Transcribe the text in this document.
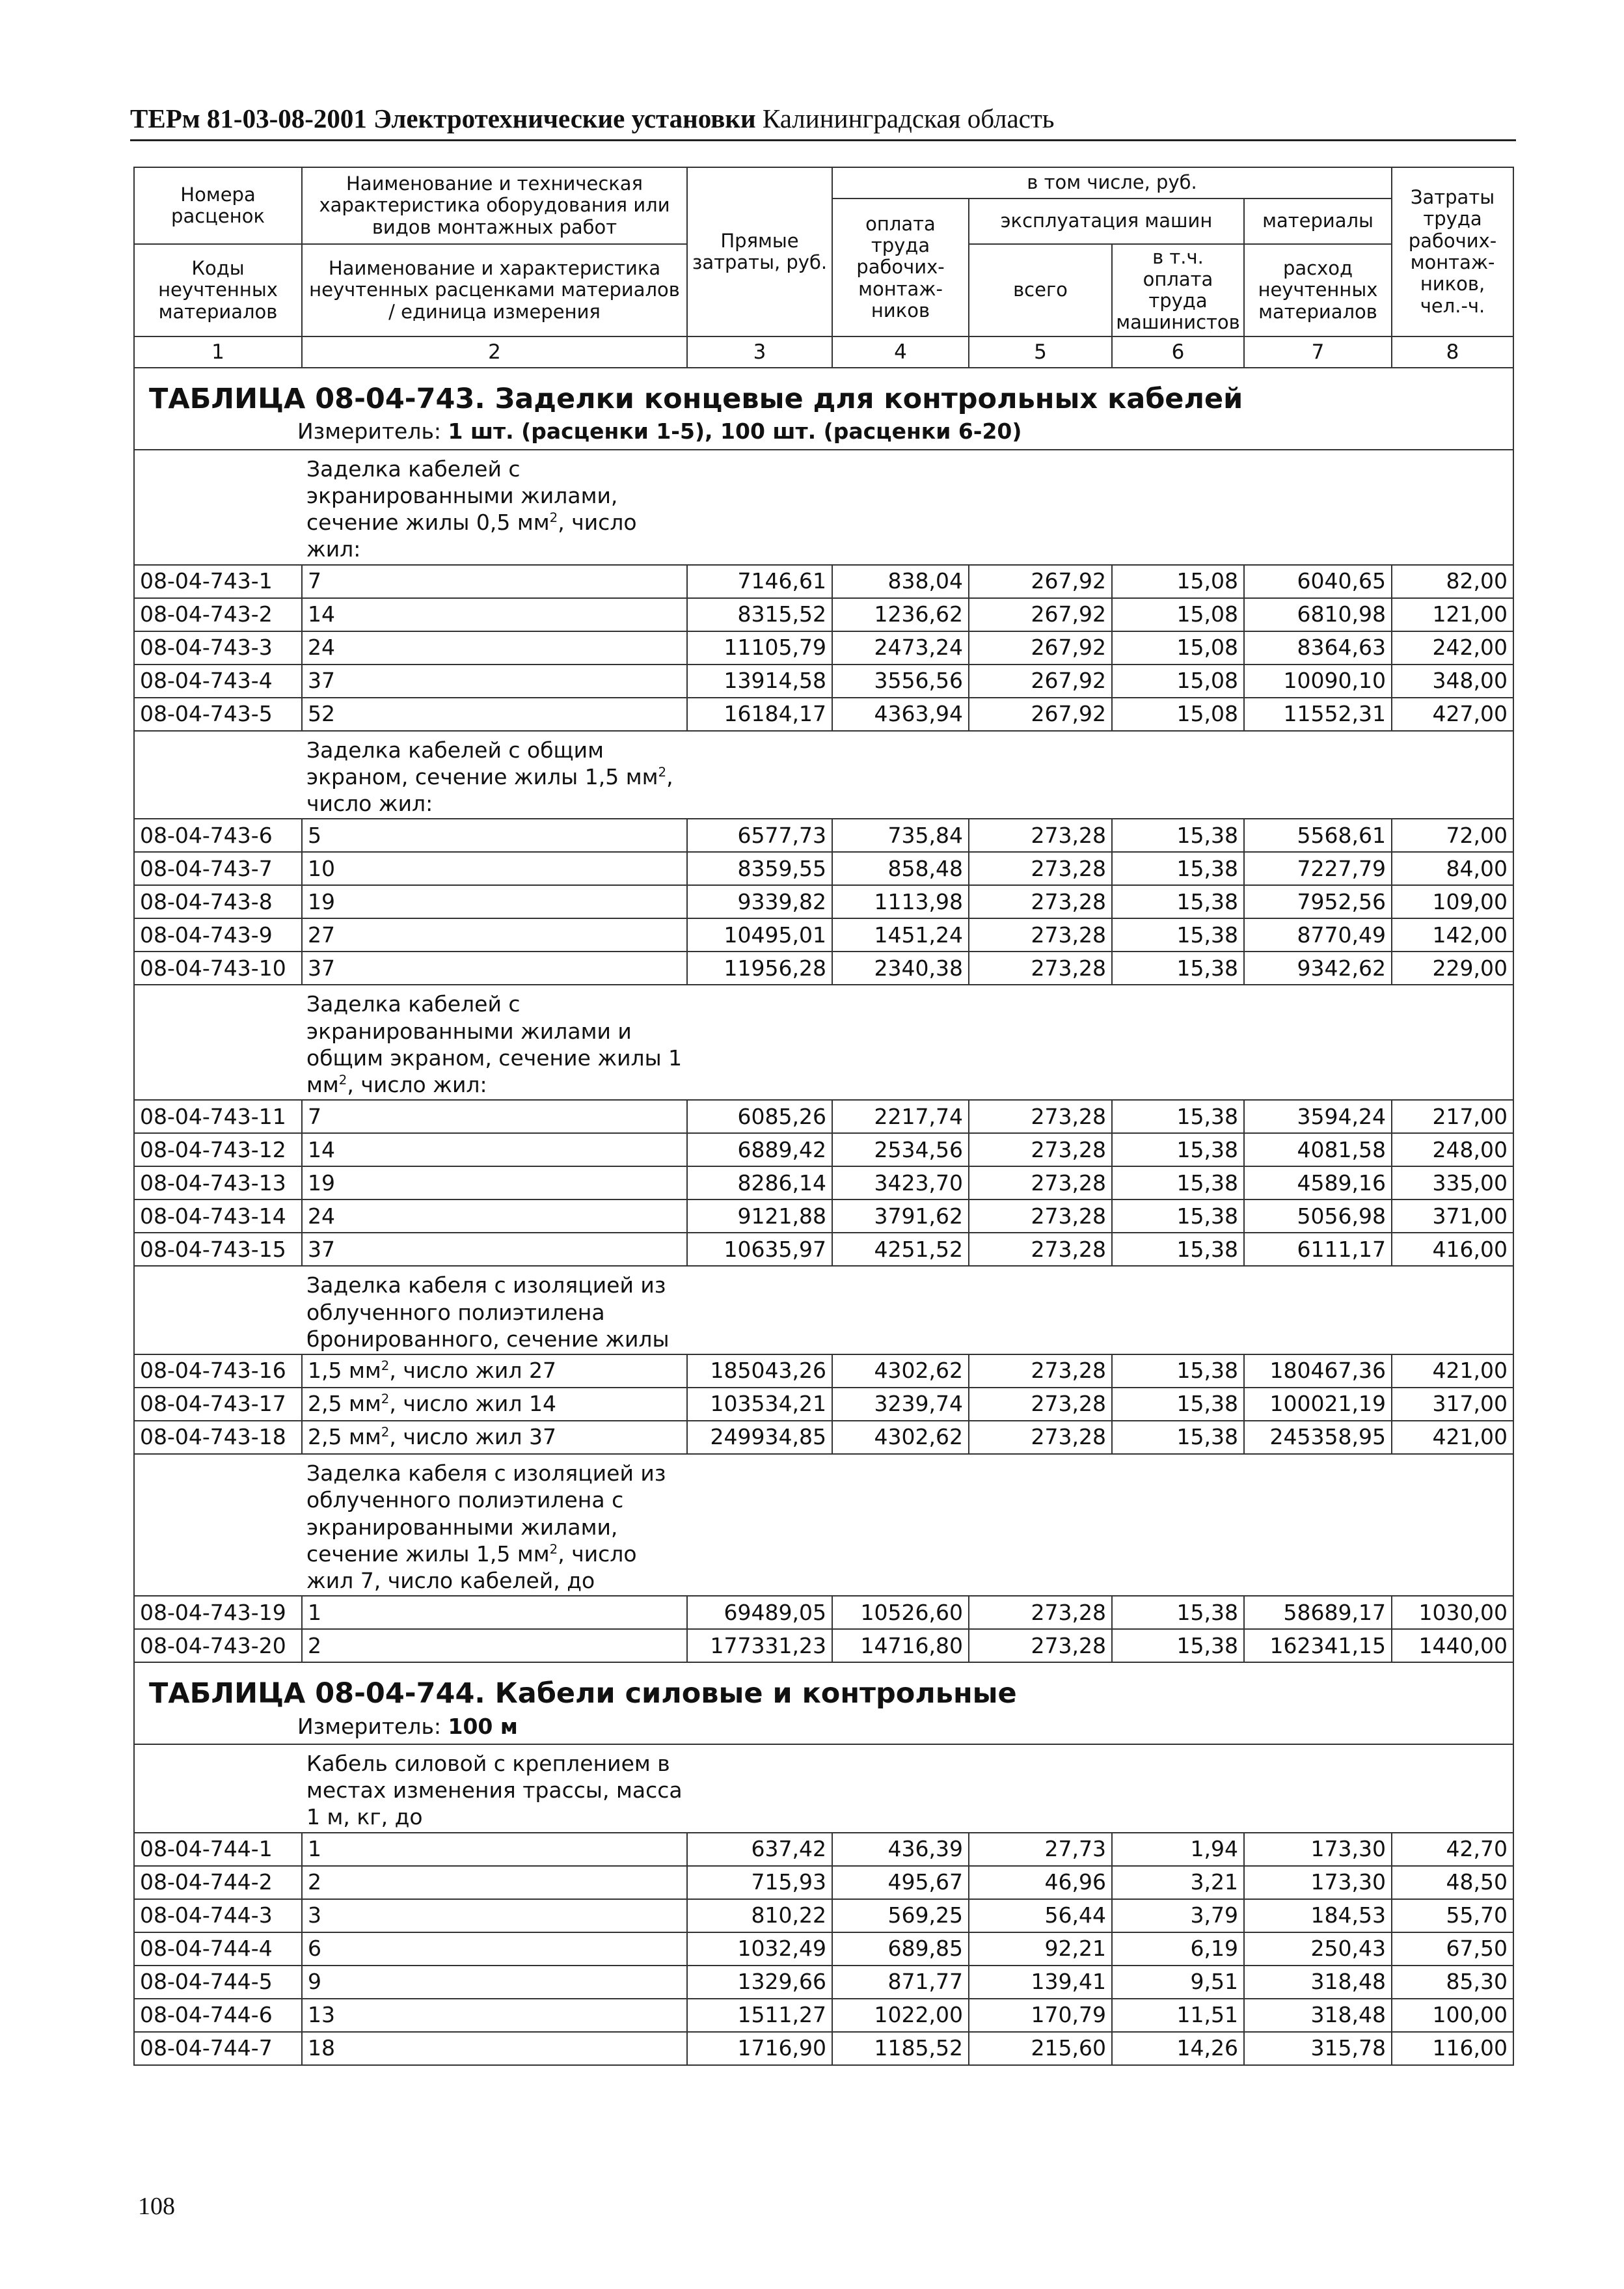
ТЕРм 81-03-08-2001 Электротехнические установки Калининградская область
Номера расценок	Наименование и техническая характеристика оборудования или видов монтажных работ	Прямые затраты, руб.	в том числе, руб.				Затраты труда рабочих-монтаж-ников, чел.-ч.
			оплата труда рабочих-монтаж-ников	эксплуатация машин		материалы	
Коды неучтенных материалов	Наименование и характеристика неучтенных расценками материалов / единица измерения			всего	в т.ч. оплата труда машинистов	расход неучтенных материалов	

1	2	3	4	5	6	7	8
ТАБЛИЦА 08-04-743. Заделки концевые для контрольных кабелей							
Измеритель: 1 шт. (расценки 1-5), 100 шт. (расценки 6-20)							

Заделка кабелей с экранированными жилами, сечение жилы 0,5 $мм^2$, число жил:							

08-04-743-1	7	7146,61	838,04	267,92	15,08	6040,65	82,00
08-04-743-2	14	8315,52	1236,62	267,92	15,08	6810,98	121,00
08-04-743-3	24	11105,79	2473,24	267,92	15,08	8364,63	242,00
08-04-743-4	37	13914,58	3556,56	267,92	15,08	10090,10	348,00
08-04-743-5	52	16184,17	4363,94	267,92	15,08	11552,31	427,00

Заделка кабелей с общим экраном, сечение жилы 1,5 $мм^2$, число жил:							

08-04-743-6	5	6577,73	735,84	273,28	15,38	5568,61	72,00
08-04-743-7	10	8359,55	858,48	273,28	15,38	7227,79	84,00
08-04-743-8	19	9339,82	1113,98	273,28	15,38	7952,56	109,00
08-04-743-9	27	10495,01	1451,24	273,28	15,38	8770,49	142,00
08-04-743-10	37	11956,28	2340,38	273,28	15,38	9342,62	229,00

Заделка кабелей с экранированными жилами и общим экраном, сечение жилы 1 $мм^2$, число жил:							

08-04-743-11	7	6085,26	2217,74	273,28	15,38	3594,24	217,00
08-04-743-12	14	6889,42	2534,56	273,28	15,38	4081,58	248,00
08-04-743-13	19	8286,14	3423,70	273,28	15,38	4589,16	335,00
08-04-743-14	24	9121,88	3791,62	273,28	15,38	5056,98	371,00
08-04-743-15	37	10635,97	4251,52	273,28	15,38	6111,17	416,00

Заделка кабеля с изоляцией из облученного полиэтилена бронированного, сечение жилы							

08-04-743-16	1,5 $мм^2$, число жил 27	185043,26	4302,62	273,28	15,38	180467,36	421,00
08-04-743-17	2,5 $мм^2$, число жил 14	103534,21	3239,74	273,28	15,38	100021,19	317,00
08-04-743-18	2,5 $мм^2$, число жил 37	249934,85	4302,62	273,28	15,38	245358,95	421,00

Заделка кабеля с изоляцией из облученного полиэтилена с экранированными жилами, сечение жилы 1,5 $мм^2$, число жил 7, число кабелей, до							

08-04-743-19	1	69489,05	10526,60	273,28	15,38	58689,17	1030,00
08-04-743-20	2	177331,23	14716,80	273,28	15,38	162341,15	1440,00
ТАБЛИЦА 08-04-744. Кабели силовые и контрольные							
Измеритель: 100 м							

Кабель силовой с креплением в местах изменения трассы, масса 1 м, кг, до							

08-04-744-1	1	637,42	436,39	27,73	1,94	173,30	42,70
08-04-744-2	2	715,93	495,67	46,96	3,21	173,30	48,50
08-04-744-3	3	810,22	569,25	56,44	3,79	184,53	55,70
08-04-744-4	6	1032,49	689,85	92,21	6,19	250,43	67,50
08-04-744-5	9	1329,66	871,77	139,41	9,51	318,48	85,30
08-04-744-6	13	1511,27	1022,00	170,79	11,51	318,48	100,00
08-04-744-7	18	1716,90	1185,52	215,60	14,26	315,78	116,00
108
